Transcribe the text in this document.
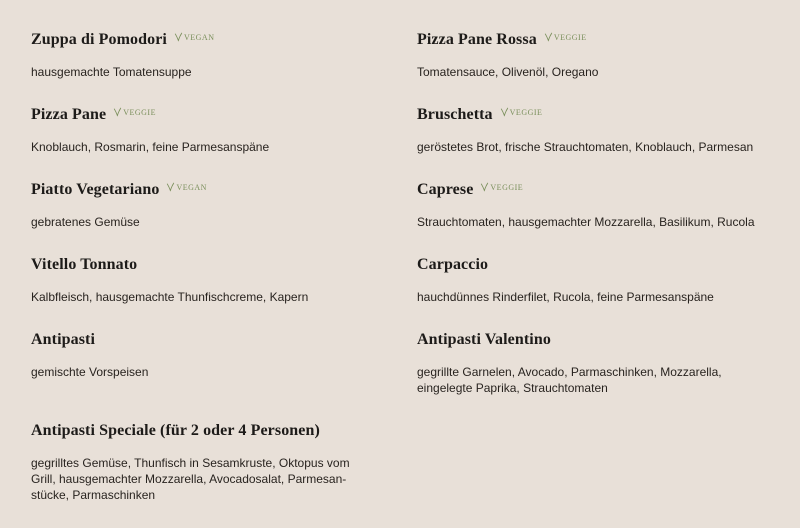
Zuppa di Pomodori VEGAN
hausgemachte Tomatensuppe
Pizza Pane Rossa VEGGIE
Tomatensauce, Olivenöl, Oregano
Pizza Pane VEGGIE
Knoblauch, Rosmarin, feine Parmesanspäne
Bruschetta VEGGIE
geröstetes Brot, frische Strauchtomaten, Knoblauch, Parmesan
Piatto Vegetariano VEGAN
gebratenes Gemüse
Caprese VEGGIE
Strauchtomaten, hausgemachter Mozzarella, Basilikum, Rucola
Vitello Tonnato
Kalbfleisch, hausgemachte Thunfischcreme, Kapern
Carpaccio
hauchdünnes Rinderfilet, Rucola, feine Parmesanspäne
Antipasti
gemischte Vorspeisen
Antipasti Valentino
gegrillte Garnelen, Avocado, Parmaschinken, Mozzarella, eingelegte Paprika, Strauchtomaten
Antipasti Speciale (für 2 oder 4 Personen)
gegrilltes Gemüse, Thunfisch in Sesamkruste, Oktopus vom Grill, hausgemachter Mozzarella, Avocadosalat, Parmesan-stücke, Parmaschinken
